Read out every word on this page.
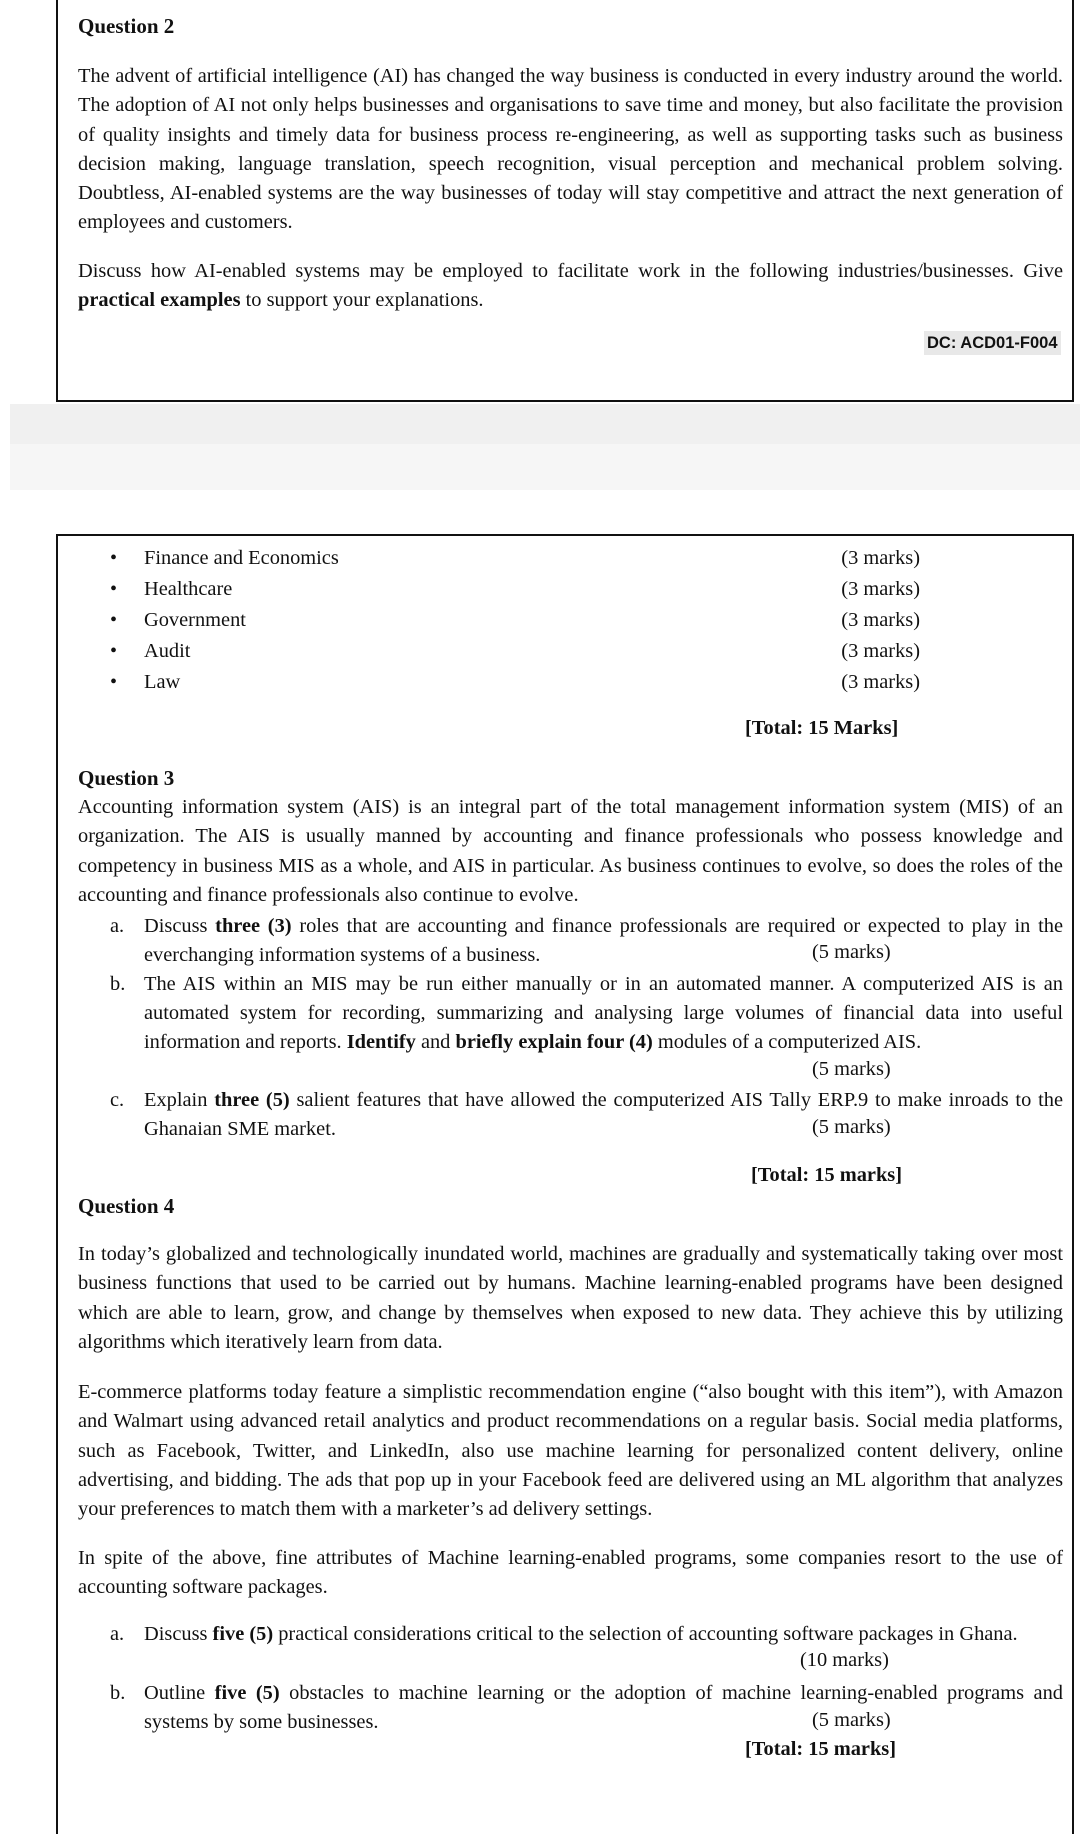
Question 2

The advent of artificial intelligence (AI) has changed the way business is conducted in every industry around the world. The adoption of AI not only helps businesses and organisations to save time and money, but also facilitate the provision of quality insights and timely data for business process re-engineering, as well as supporting tasks such as business decision making, language translation, speech recognition, visual perception and mechanical problem solving. Doubtless, AI-enabled systems are the way businesses of today will stay competitive and attract the next generation of employees and customers.

Discuss how AI-enabled systems may be employed to facilitate work in the following industries/businesses. Give practical examples to support your explanations.

DC: ACD01-F004
• Finance and Economics	(3 marks)
• Healthcare	(3 marks)
• Government	(3 marks)
• Audit	(3 marks)
• Law	(3 marks)
[Total: 15 Marks]
Question 3

Accounting information system (AIS) is an integral part of the total management information system (MIS) of an organization. The AIS is usually manned by accounting and finance professionals who possess knowledge and competency in business MIS as a whole, and AIS in particular. As business continues to evolve, so does the roles of the accounting and finance professionals also continue to evolve.

a. Discuss three (3) roles that are accounting and finance professionals are required or expected to play in the everchanging information systems of a business.	(5 marks)
b. The AIS within an MIS may be run either manually or in an automated manner. A computerized AIS is an automated system for recording, summarizing and analysing large volumes of financial data into useful information and reports. Identify and briefly explain four (4) modules of a computerized AIS.
(5 marks)
c. Explain three (5) salient features that have allowed the computerized AIS Tally ERP.9 to make inroads to the Ghanaian SME market.	(5 marks)
[Total: 15 marks]
Question 4

In today’s globalized and technologically inundated world, machines are gradually and systematically taking over most business functions that used to be carried out by humans. Machine learning-enabled programs have been designed which are able to learn, grow, and change by themselves when exposed to new data. They achieve this by utilizing algorithms which iteratively learn from data.

E-commerce platforms today feature a simplistic recommendation engine (“also bought with this item”), with Amazon and Walmart using advanced retail analytics and product recommendations on a regular basis. Social media platforms, such as Facebook, Twitter, and LinkedIn, also use machine learning for personalized content delivery, online advertising, and bidding. The ads that pop up in your Facebook feed are delivered using an ML algorithm that analyzes your preferences to match them with a marketer’s ad delivery settings.

In spite of the above, fine attributes of Machine learning-enabled programs, some companies resort to the use of accounting software packages.

a. Discuss five (5) practical considerations critical to the selection of accounting software packages in Ghana.
(10 marks)
b. Outline five (5) obstacles to machine learning or the adoption of machine learning-enabled programs and systems by some businesses.	(5 marks)
[Total: 15 marks]
